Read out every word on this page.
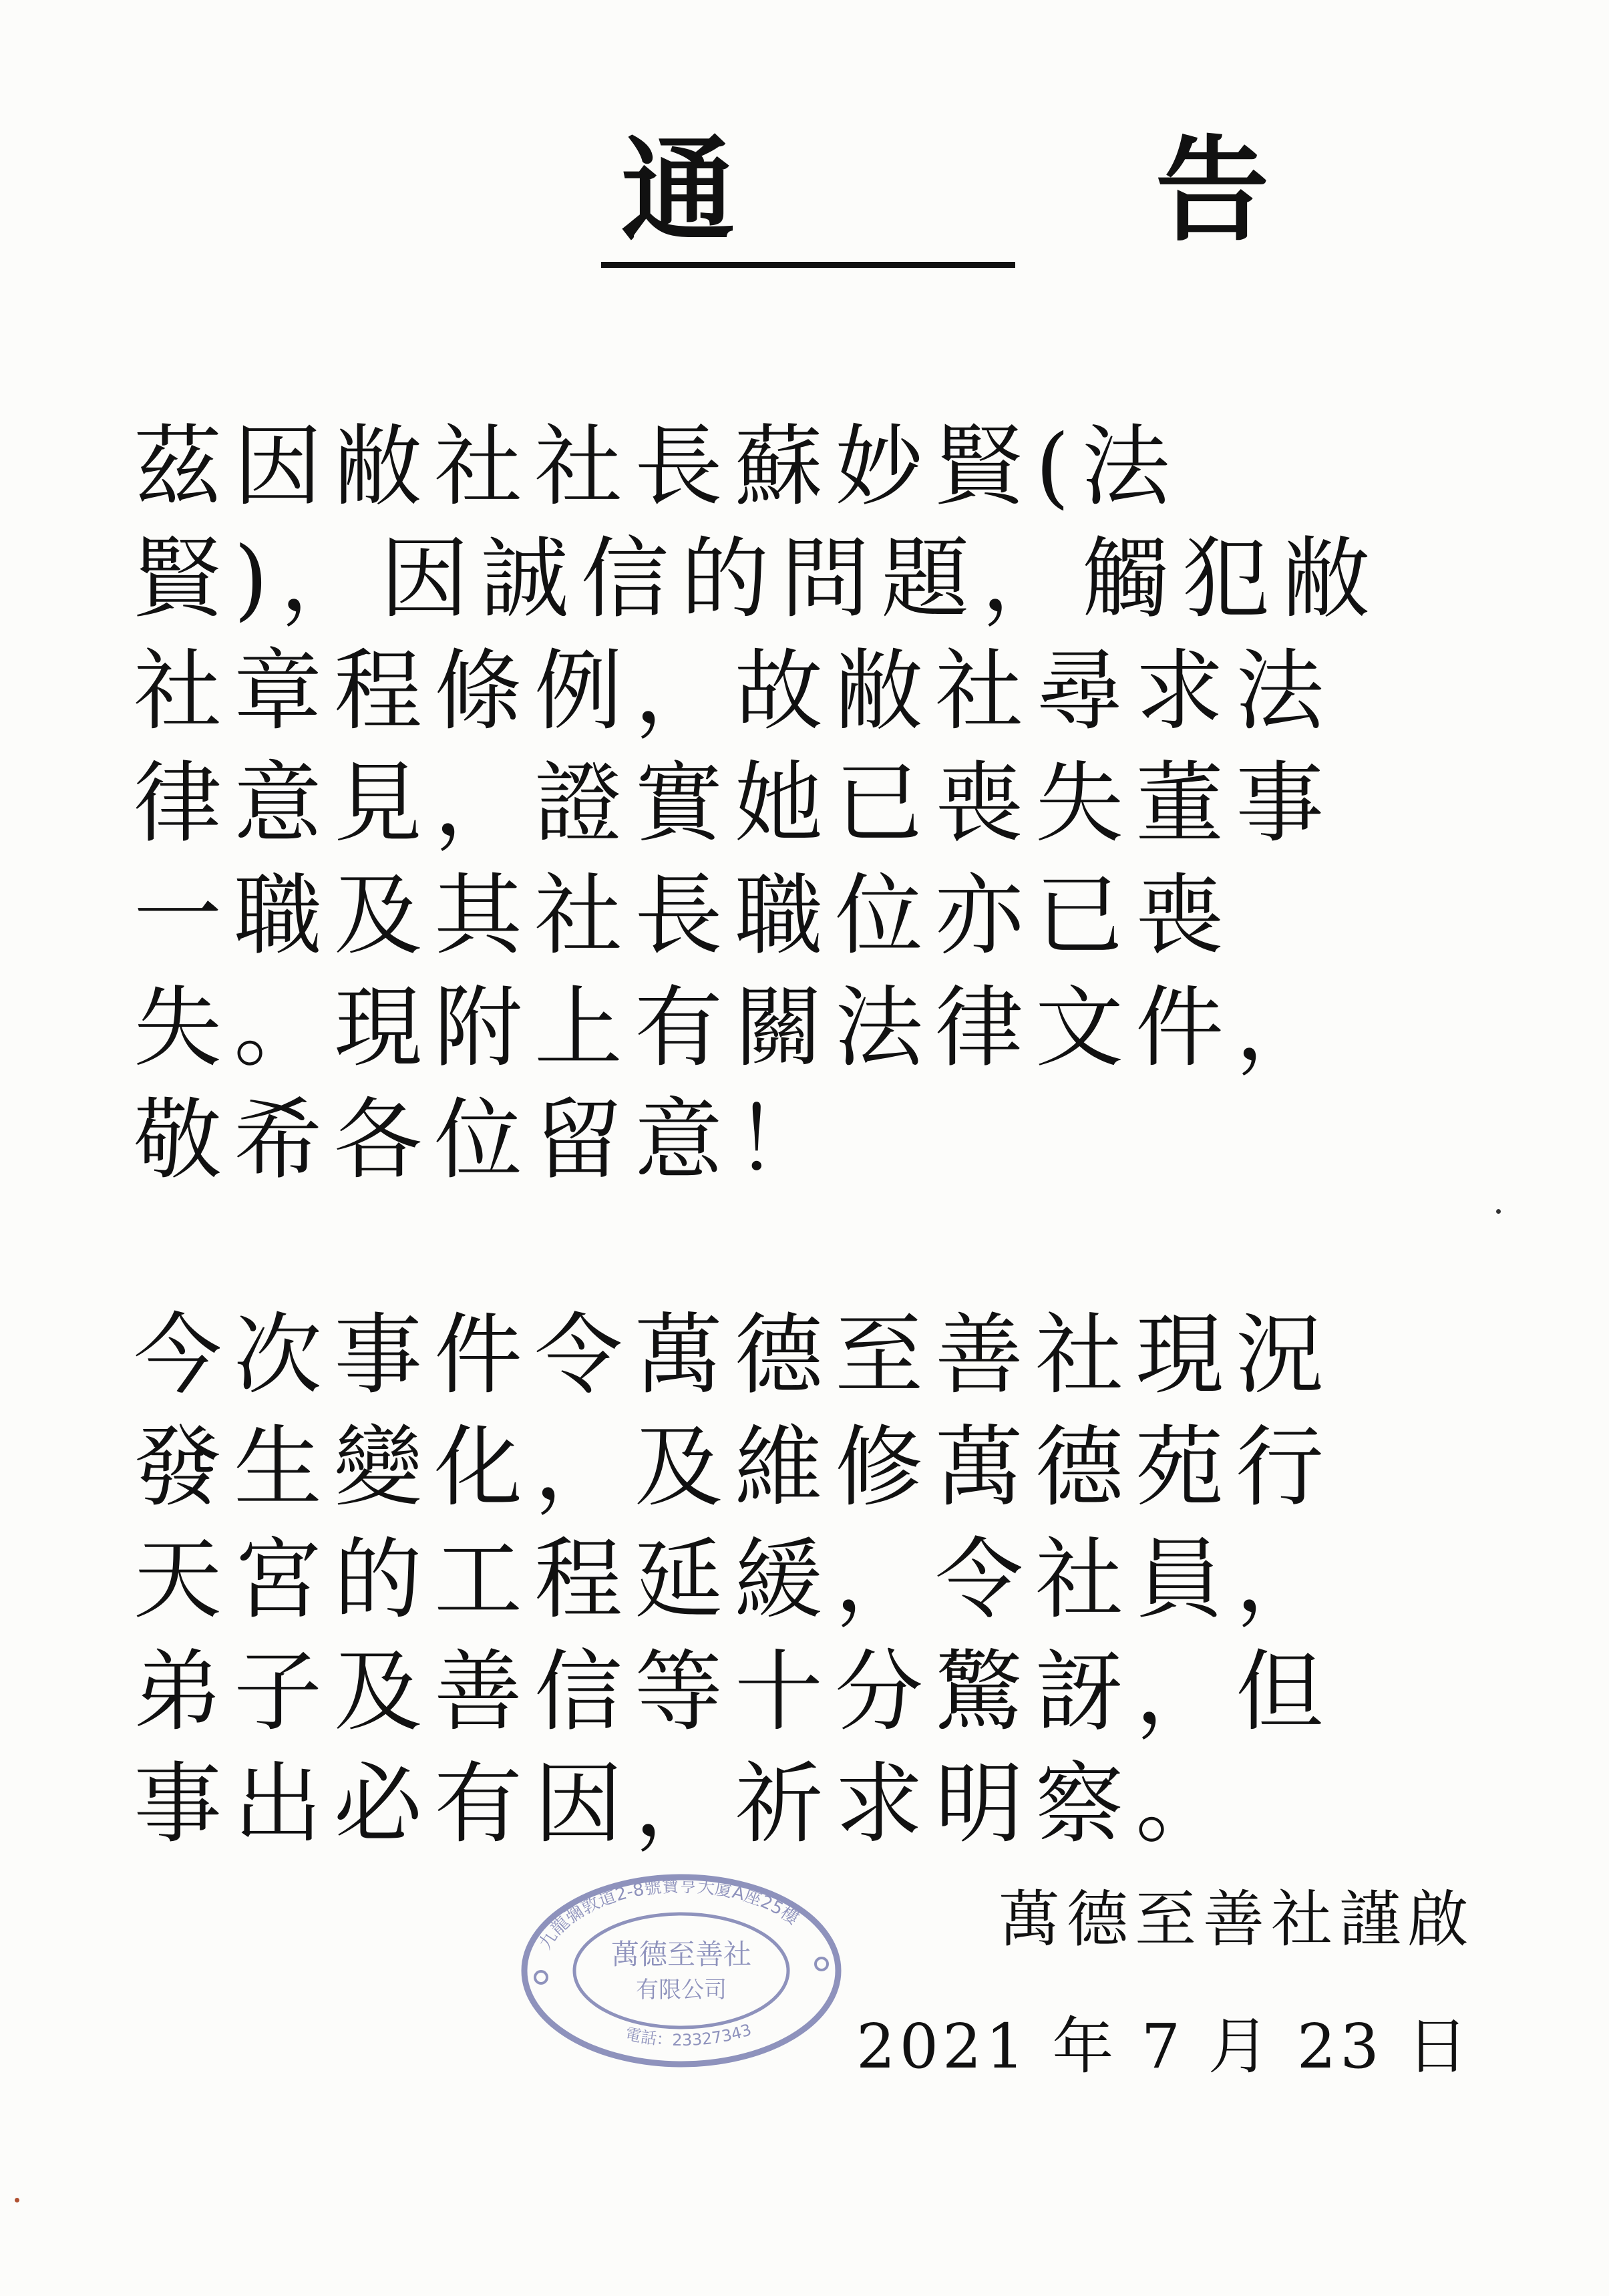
通　告

茲因敝社社長蘇妙賢(法
賢)，因誠信的問題，觸犯敝
社章程條例，故敝社尋求法
律意見，證實她已喪失董事
一職及其社長職位亦已喪
失。現附上有關法律文件，
敬希各位留意！

今次事件令萬德至善社現況
發生變化，及維修萬德苑行
天宮的工程延緩，令社員，
弟子及善信等十分驚訝，但
事出必有因，祈求明察。

九龍彌敦道2-8號寶亨大廈A座25樓
電話：23327343
萬德至善社
有限公司
萬德至善社謹啟
2021 年 7 月 23 日
